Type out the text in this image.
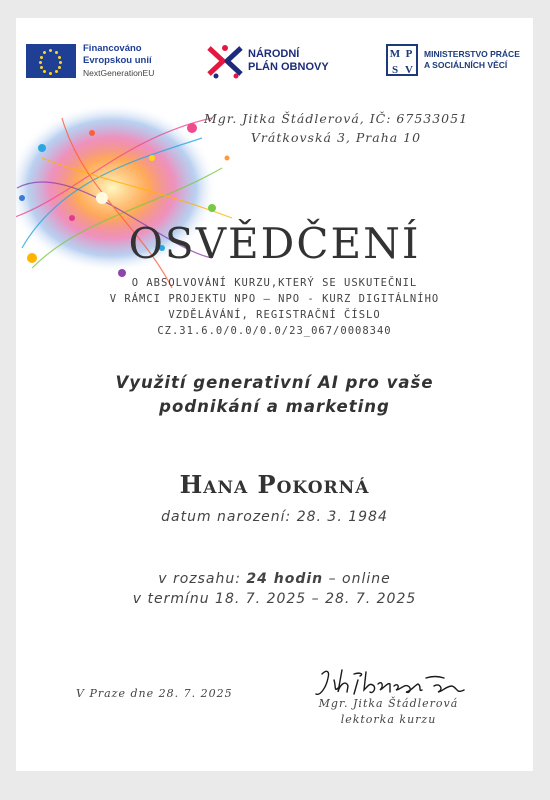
Financováno
Evropskou unií
NextGenerationEU
NÁRODNÍ
PLÁN OBNOVY
M P
S V
MINISTERSTVO PRÁCE
A SOCIÁLNÍCH VĚCÍ
Mgr. Jitka Štádlerová, IČ: 67533051
Vrátkovská 3, Praha 10
OSVĚDČENÍ
O ABSOLVOVÁNÍ KURZU,KTERÝ SE USKUTEČNIL
V RÁMCI PROJEKTU NPO – NPO - KURZ DIGITÁLNÍHO
VZDĚLÁVÁNÍ, REGISTRAČNÍ ČÍSLO
CZ.31.6.0/0.0/0.0/23_067/0008340
Využití generativní AI pro vaše
podnikání a marketing
Hana Pokorná
datum narození: 28. 3. 1984
v rozsahu: 24 hodin – online
v termínu 18. 7. 2025 – 28. 7. 2025
V Praze dne 28. 7. 2025
Mgr. Jitka Štádlerová
lektorka kurzu
